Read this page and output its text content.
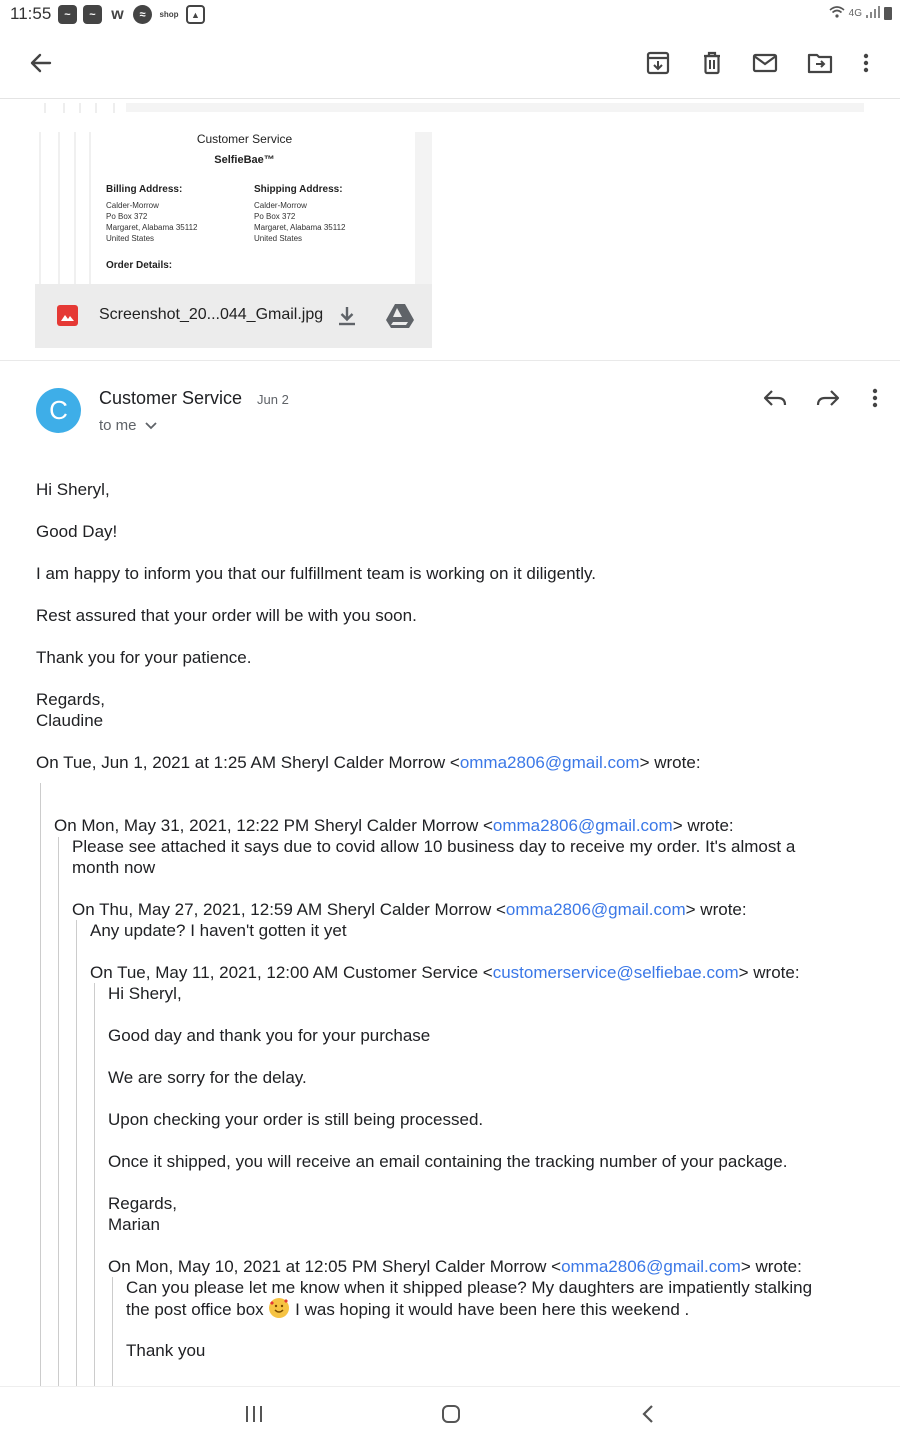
11:55	~	~ w	≈	shop	▲	4G
Customer Service
SelfieBae™
Billing Address:
Calder-Morrow
Po Box 372
Margaret, Alabama 35112
United States
Shipping Address:
Calder-Morrow
Po Box 372
Margaret, Alabama 35112
United States
Order Details:
Screenshot_20...044_Gmail.jpg
C	Customer Service Jun 2
to me
Hi Sheryl,
Good Day!
I am happy to inform you that our fulfillment team is working on it diligently.
Rest assured that your order will be with you soon.
Thank you for your patience.
Regards,
Claudine
On Tue, Jun 1, 2021 at 1:25 AM Sheryl Calder Morrow <omma2806@gmail.com> wrote:
On Mon, May 31, 2021, 12:22 PM Sheryl Calder Morrow <omma2806@gmail.com> wrote:
Please see attached it says due to covid allow 10 business day to receive my order. It's almost a
month now
On Thu, May 27, 2021, 12:59 AM Sheryl Calder Morrow <omma2806@gmail.com> wrote:
Any update? I haven't gotten it yet
On Tue, May 11, 2021, 12:00 AM Customer Service <customerservice@selfiebae.com> wrote:
Hi Sheryl,
Good day and thank you for your purchase
We are sorry for the delay.
Upon checking your order is still being processed.
Once it shipped, you will receive an email containing the tracking number of your package.
Regards,
Marian
On Mon, May 10, 2021 at 12:05 PM Sheryl Calder Morrow <omma2806@gmail.com> wrote:
Can you please let me know when it shipped please? My daughters are impatiently stalking
the post office box I was hoping it would have been here this weekend .
Thank you
